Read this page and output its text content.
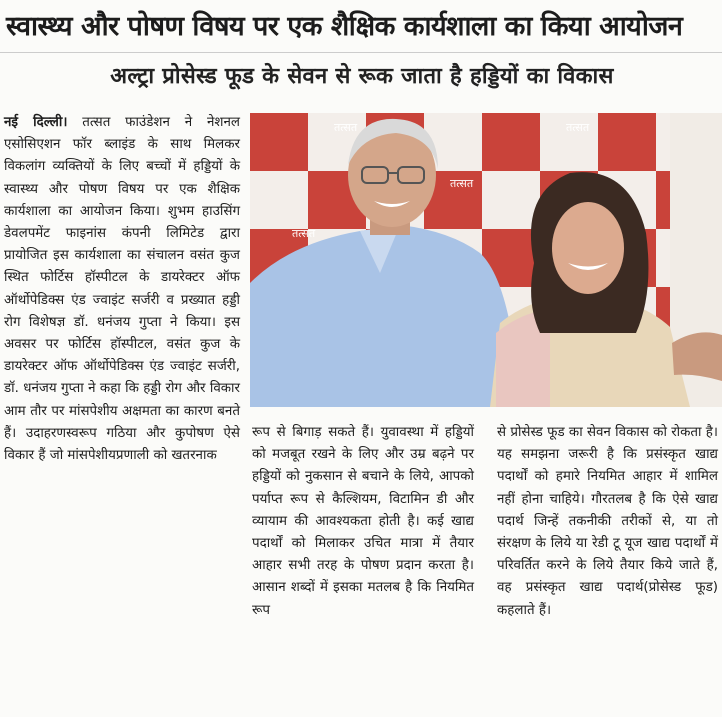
स्वास्थ्य और पोषण विषय पर एक शैक्षिक कार्यशाला का किया आयोजन
अल्ट्रा प्रोसेस्ड फूड के सेवन से रूक जाता है हड्डियों का विकास
नई दिल्ली। तत्सत फाउंडेशन ने नेशनल एसोसिएशन फॉर ब्लाइंड के साथ मिलकर विकलांग व्यक्तियों के लिए बच्चों में हड्डियों के स्वास्थ्य और पोषण विषय पर एक शैक्षिक कार्यशाला का आयोजन किया। शुभम हाउसिंग डेवलपमेंट फाइनांस कंपनी लिमिटेड द्वारा प्रायोजित इस कार्यशाला का संचालन वसंत कुज स्थित फोर्टिस हॉस्पीटल के डायरेक्टर ऑफ ऑर्थोपेडिक्स एंड ज्वाइंट सर्जरी व प्रख्यात हड्डी रोग विशेषज्ञ डॉ. धनंजय गुप्ता ने किया। इस अवसर पर फोर्टिस हॉस्पीटल, वसंत कुज के डायरेक्टर ऑफ ऑर्थोपेडिक्स एंड ज्वाइंट सर्जरी, डॉ. धनंजय गुप्ता ने कहा कि हड्डी रोग और विकार आम तौर पर मांसपेशीय अक्षमता का कारण बनते हैं। उदाहरणस्वरूप गठिया और कुपोषण ऐसे विकार हैं जो मांसपेशीयप्रणाली को खतरनाक
तत्सत
तत्सत
तत्सत
तत्सत
रूप से बिगाड़ सकते हैं। युवावस्था में हड्डियों को मजबूत रखने के लिए और उम्र बढ़ने पर हड्डियों को नुकसान से बचाने के लिये, आपको पर्याप्त रूप से कैल्शियम, विटामिन डी और व्यायाम की आवश्यकता होती है। कई खाद्य पदार्थों को मिलाकर उचित मात्रा में तैयार आहार सभी तरह के पोषण प्रदान करता है। आसान शब्दों में इसका मतलब है कि नियमित रूप
से प्रोसेस्ड फूड का सेवन विकास को रोकता है। यह समझना जरूरी है कि प्रसंस्कृत खाद्य पदार्थों को हमारे नियमित आहार में शामिल नहीं होना चाहिये। गौरतलब है कि ऐसे खाद्य पदार्थ जिन्हें तकनीकी तरीकों से, या तो संरक्षण के लिये या रेडी टू यूज खाद्य पदार्थों में परिवर्तित करने के लिये तैयार किये जाते हैं, वह प्रसंस्कृत खाद्य पदार्थ(प्रोसेस्ड फूड) कहलाते हैं।
